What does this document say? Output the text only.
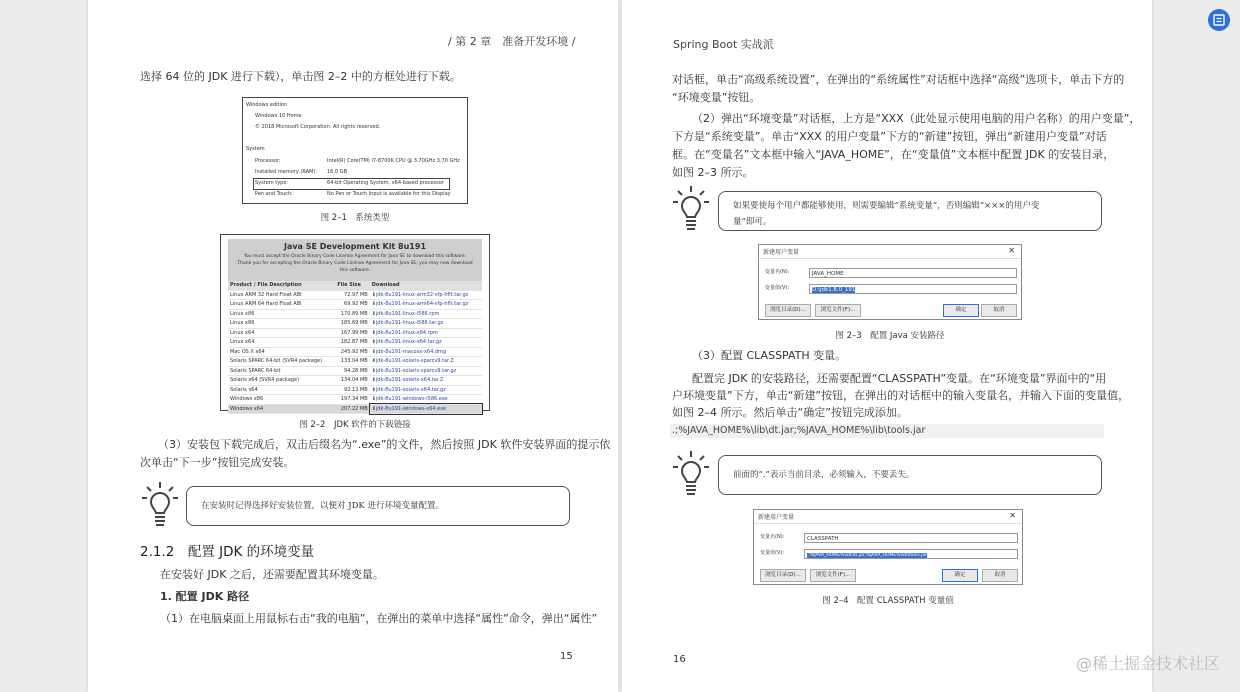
/ 第 2 章　准备开发环境 /
选择 64 位的 JDK 进行下载），单击图 2–2 中的方框处进行下载。
Windows edition
Windows 10 Home
© 2018 Microsoft Corporation. All rights reserved.
System
Processor:	Intel(R) Core(TM) i7-8700K CPU @ 3.70GHz 3.70 GHz
Installed memory (RAM): 16.0 GB
System type:	64-bit Operating System, x64-based processor
Pen and Touch:	No Pen or Touch Input is available for this Display
图 2–1　系统类型
Java SE Development Kit 8u191
You must accept the Oracle Binary Code License Agreement for Java SE to download this software.
Thank you for accepting the Oracle Binary Code License Agreement for Java SE; you may now download this software.
Product / File Description	File Size	Download
Linux ARM 32 Hard Float ABI	72.97 MB	⬇jdk-8u191-linux-arm32-vfp-hflt.tar.gz
Linux ARM 64 Hard Float ABI	69.92 MB	⬇jdk-8u191-linux-arm64-vfp-hflt.tar.gz
Linux x86	170.89 MB	⬇jdk-8u191-linux-i586.rpm
Linux x86	185.69 MB	⬇jdk-8u191-linux-i586.tar.gz
Linux x64	167.99 MB	⬇jdk-8u191-linux-x64.rpm
Linux x64	182.87 MB	⬇jdk-8u191-linux-x64.tar.gz
Mac OS X x64	245.92 MB	⬇jdk-8u191-macosx-x64.dmg
Solaris SPARC 64-bit (SVR4 package)	133.04 MB	⬇jdk-8u191-solaris-sparcv9.tar.Z
Solaris SPARC 64-bit	94.28 MB	⬇jdk-8u191-solaris-sparcv9.tar.gz
Solaris x64 (SVR4 package)	134.04 MB	⬇jdk-8u191-solaris-x64.tar.Z
Solaris x64	92.13 MB	⬇jdk-8u191-solaris-x64.tar.gz
Windows x86	197.34 MB	⬇jdk-8u191-windows-i586.exe
Windows x64	207.22 MB	⬇jdk-8u191-windows-x64.exe
图 2–2　JDK 软件的下载链接
（3）安装包下载完成后，双击后缀名为“.exe”的文件，然后按照 JDK 软件安装界面的提示依
次单击“下一步”按钮完成安装。
在安装时记得选择好安装位置，以便对 JDK 进行环境变量配置。
2.1.2　配置 JDK 的环境变量
在安装好 JDK 之后，还需要配置其环境变量。
1. 配置 JDK 路径
（1）在电脑桌面上用鼠标右击“我的电脑”，在弹出的菜单中选择“属性”命令，弹出“属性”
15
Spring Boot 实战派
对话框，单击“高级系统设置”，在弹出的“系统属性”对话框中选择“高级”选项卡，单击下方的
“环境变量”按钮。
（2）弹出“环境变量”对话框，上方是“XXX（此处显示使用电脑的用户名称）的用户变量”，
下方是“系统变量”。单击“XXX 的用户变量”下方的“新建”按钮，弹出“新建用户变量”对话
框。在“变量名”文本框中输入“JAVA_HOME”，在“变量值”文本框中配置 JDK 的安装目录，
如图 2–3 所示。
如果要使每个用户都能够使用，则需要编辑“系统变量”，否则编辑“×××的用户变
量”即可。
新建用户变量	✕
变量名(N):	JAVA_HOME
变量值(V):	D:\jdk1.8.0_191
浏览目录(D)...	浏览文件(F)...	确定	取消
图 2–3　配置 Java 安装路径
（3）配置 CLASSPATH 变量。
配置完 JDK 的安装路径，还需要配置“CLASSPATH”变量。在“环境变量”界面中的“用
户环境变量”下方，单击“新建”按钮，在弹出的对话框中的输入变量名，并输入下面的变量值，
如图 2–4 所示。然后单击“确定”按钮完成添加。
.;%JAVA_HOME%\lib\dt.jar;%JAVA_HOME%\lib\tools.jar
前面的“.”表示当前目录，必须输入，不要丢失。
新建用户变量	✕
变量名(N):	CLASSPATH
变量值(V):	.;%JAVA_HOME%\lib\dt.jar;%JAVA_HOME%\lib\tools.jar
浏览目录(D)...	浏览文件(F)...	确定	取消
图 2–4　配置 CLASSPATH 变量值
16	@稀土掘金技术社区
